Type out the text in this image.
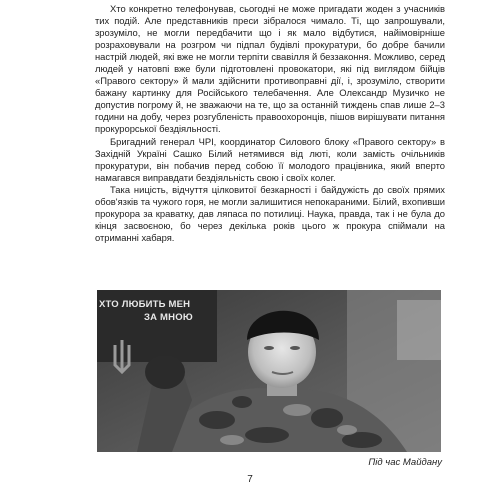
Хто конкретно телефонував, сьогодні не може пригадати жоден з учасників тих подій. Але представників преси зібралося чимало. Ті, що запрошували, зрозуміло, не могли передбачити що і як мало відбутися, найімовірніше розраховували на розгром чи підпал будівлі прокуратури, бо добре бачили настрій людей, які вже не могли терпіти свавілля й беззаконня. Можливо, серед людей у натовпі вже були підготовлені провокатори, які під виглядом бійців «Правого сектору» й мали здійснити противоправні дії, і, зрозуміло, створити бажану картинку для Російського телебачення. Але Олександр Музичко не допустив погрому й, не зважаючи на те, що за останній тиждень спав лише 2–3 години на добу, через розгубленість правоохоронців, пішов вирішувати питання прокурорської бездіяльності.

Бригадний генерал ЧРІ, координатор Силового блоку «Правого сектору» в Західній Україні Сашко Білий нетямився від люті, коли замість очільників прокуратури, він побачив перед собою її молодого працівника, який вперто намагався виправдати бездіяльність свою і своїх колег.

Така ницість, відчуття цілковитої безкарності і байдужість до своїх прямих обов'язків та чужого горя, не могли залишитися непокараними. Білий, вхопивши прокурора за краватку, дав ляпаса по потилиці. Наука, правда, так і не була до кінця засвоєною, бо через декілька років цього ж прокура спіймали на отриманні хабаря.

ХТО ЛЮБИТЬ МЕН
ЗА МНОЮ
Під час Майдану
7
